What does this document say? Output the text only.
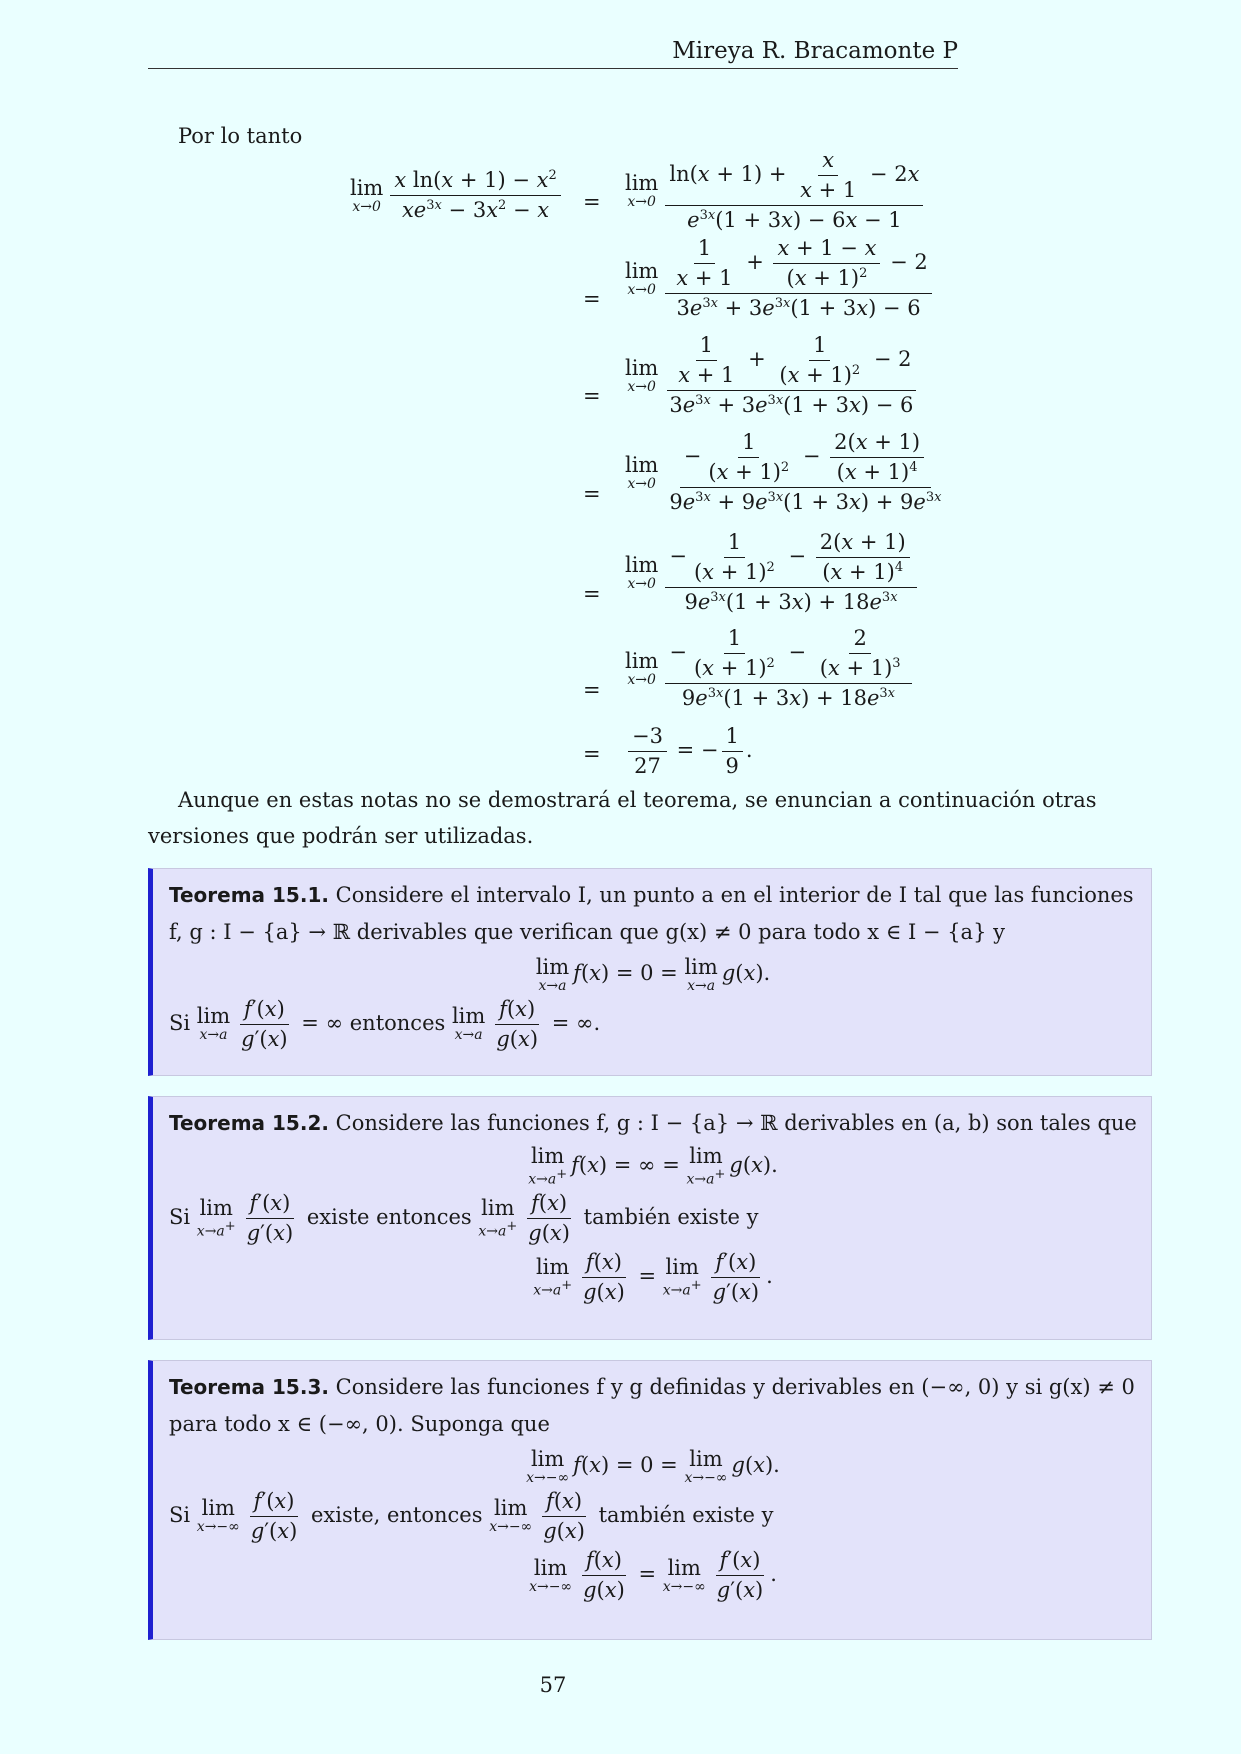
Mireya R. Bracamonte P
Por lo tanto
lim
$x\to 0 \frac{x \ln(x + 1) - x^2}{xe^{3x} - 3x^2 - x}$ =
lim
$x\to 0 \frac{\ln(x + 1) + \frac{x}{x + 1} - 2x}{e^{3x}(1 + 3x) - 6x - 1}$
=
lim
$x\to 0 \frac{\frac{1}{x + 1} + \frac{x + 1 - x}{(x + 1)^2} - 2}{3e^{3x} + 3e^{3x}(1 + 3x) - 6}$
=
lim
$x\to 0 \frac{\frac{1}{x + 1} + \frac{1}{(x + 1)^2} - 2}{3e^{3x} + 3e^{3x}(1 + 3x) - 6}$
=
lim
$x\to 0 \frac{- \frac{1}{(x + 1)^2} - \frac{2(x + 1)}{(x + 1)^4}}{9e^{3x} + 9e^{3x}(1 + 3x) + 9e^{3x}}$
=
lim
$x\to 0 \frac{- \frac{1}{(x + 1)^2} - \frac{2(x + 1)}{(x + 1)^4}}{9e^{3x}(1 + 3x) + 18e^{3x}}$
=
lim
$x\to 0 \frac{- \frac{1}{(x + 1)^2} - \frac{2}{(x + 1)^3}}{9e^{3x}(1 + 3x) + 18e^{3x}}$
= $\frac{-3}{27}$ = − $\frac{1}{9}$ .
Aunque en estas notas no se demostrará el teorema, se enuncian a continuación otras versiones que podrán ser utilizadas.
Teorema 15.1. Considere el intervalo I, un punto a en el interior de I tal que las funciones f, g : I − {a} → ℝ derivables que verifican que g(x) ≠ 0 para todo x ∈ I − {a} y
lim
x→a
f(x) = 0 = lim
x→a
g(x).
Si lim
$x\to a \frac{f'(x)}{g'(x)}$ = ∞ entonces lim
$x\to a \frac{f(x)}{g(x)}$ = ∞.
Teorema 15.2. Considere las funciones f, g : I − {a} → ℝ derivables en (a, b) son tales que
lim
x→a+ f(x) = ∞ = lim
x→a+ g(x).
Si lim
$x\to a^+ \frac{f'(x)}{g'(x)}$ existe entonces lim
$x\to a^+ \frac{f(x)}{g(x)}$ también existe y
lim
$x\to a^+ \frac{f(x)}{g(x)} = \lim$
$x\to a^+ \frac{f'(x)}{g'(x)}$ .
Teorema 15.3. Considere las funciones f y g definidas y derivables en (−∞, 0) y si g(x) ≠ 0 para todo x ∈ (−∞, 0). Suponga que
lim
x→−∞
f(x) = 0 = lim
x→−∞
g(x).
Si lim
$x\to-\infty \frac{f'(x)}{g'(x)}$ existe, entonces lim
$x\to-\infty \frac{f(x)}{g(x)}$ también existe y
lim
$x\to-\infty \frac{f(x)}{g(x)} = \lim$
$x\to-\infty \frac{f'(x)}{g'(x)}$ .
57
